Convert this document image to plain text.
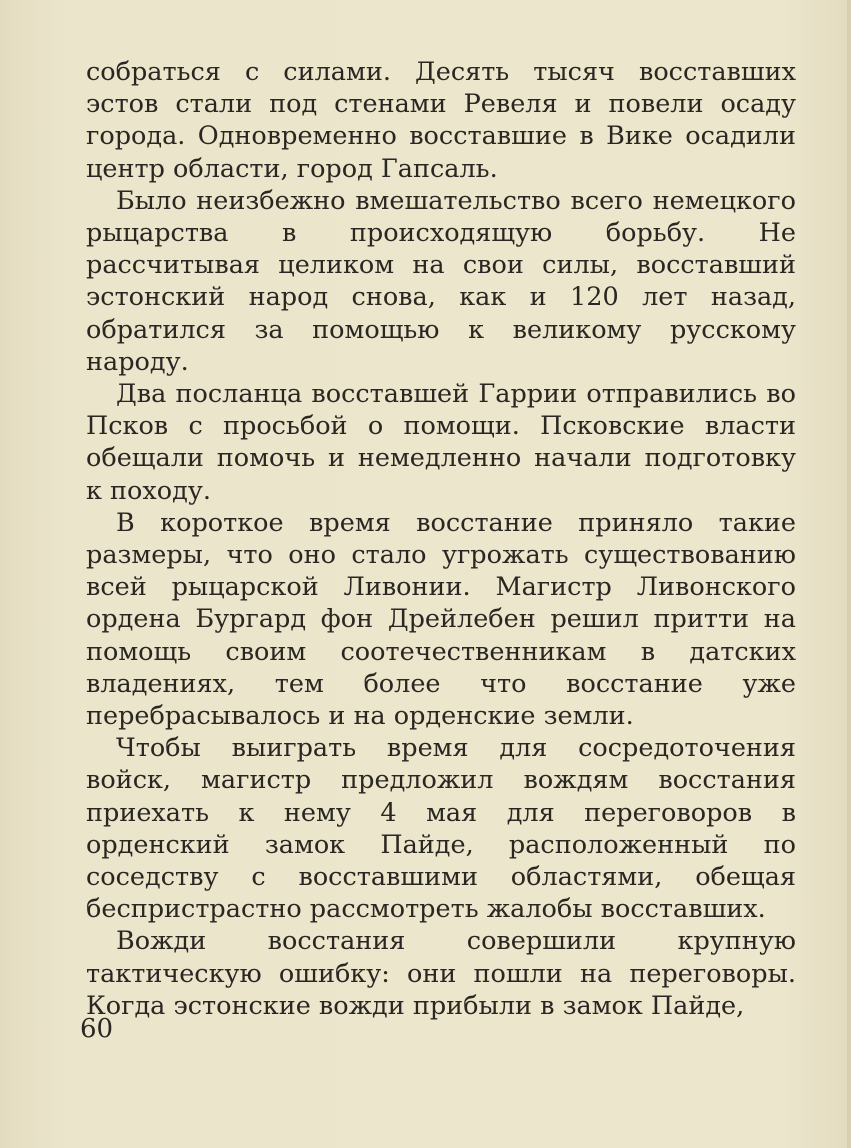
собраться с силами. Десять тысяч восставших эстов стали под стенами Ревеля и повели осаду города. Одновременно восставшие в Вике осадили центр области, город Гапсаль.

Было неизбежно вмешательство всего немецкого рыцарства в происходящую борьбу. Не рассчитывая целиком на свои силы, восставший эстонский народ снова, как и 120 лет назад, обратился за помощью к великому русскому народу.

Два посланца восставшей Гаррии отправились во Псков с просьбой о помощи. Псковские власти обещали помочь и немедленно начали подготовку к походу.

В короткое время восстание приняло такие размеры, что оно стало угрожать существованию всей рыцарской Ливонии. Магистр Ливонского ордена Бургард фон Дрейлебен решил притти на помощь своим соотечественникам в датских владениях, тем более что восстание уже перебрасывалось и на орденские земли.

Чтобы выиграть время для сосредоточения войск, магистр предложил вождям восстания приехать к нему 4 мая для переговоров в орденский замок Пайде, расположенный по соседству с восставшими областями, обещая беспристрастно рассмотреть жалобы восставших.

Вожди восстания совершили крупную тактическую ошибку: они пошли на переговоры. Когда эстонские вожди прибыли в замок Пайде,

60
